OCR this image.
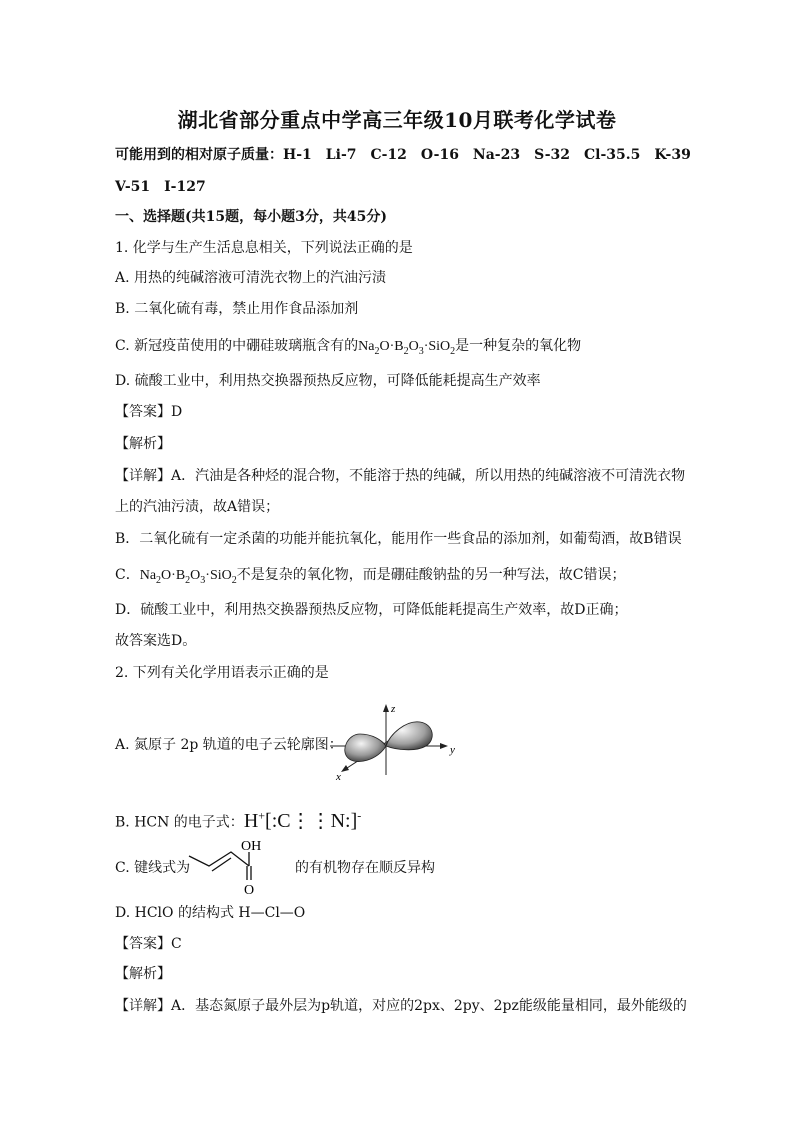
湖北省部分重点中学高三年级10月联考化学试卷
可能用到的相对原子质量：H-1　Li-7　C-12　O-16　Na-23　S-32　Cl-35.5　K-39
V-51　I-127
一、选择题(共15题，每小题3分，共45分)
1. 化学与生产生活息息相关，下列说法正确的是
A. 用热的纯碱溶液可清洗衣物上的汽油污渍
B. 二氧化硫有毒，禁止用作食品添加剂
C. 新冠疫苗使用的中硼硅玻璃瓶含有的$Na_2O\cdot B_2O_3\cdot SiO_2$是一种复杂的氧化物
D. 硫酸工业中，利用热交换器预热反应物，可降低能耗提高生产效率
【答案】D
【解析】
【详解】A．汽油是各种烃的混合物，不能溶于热的纯碱，所以用热的纯碱溶液不可清洗衣物
上的汽油污渍，故A错误；
B．二氧化硫有一定杀菌的功能并能抗氧化，能用作一些食品的添加剂，如葡萄酒，故B错误
C．$Na_2O\cdot B_2O_3\cdot SiO_2$不是复杂的氧化物，而是硼硅酸钠盐的另一种写法，故C错误；
D．硫酸工业中，利用热交换器预热反应物，可降低能耗提高生产效率，故D正确；
故答案选D。
2. 下列有关化学用语表示正确的是
A. 氮原子 2p 轨道的电子云轮廓图：
z
y
x
B. HCN 的电子式：H+[:C⋮⋮N:]-
C. 键线式为
OH
O
的有机物存在顺反异构
D. HClO 的结构式 H—Cl—O
【答案】C
【解析】
【详解】A．基态氮原子最外层为p轨道，对应的2px、2py、2pz能级能量相同，最外能级的
